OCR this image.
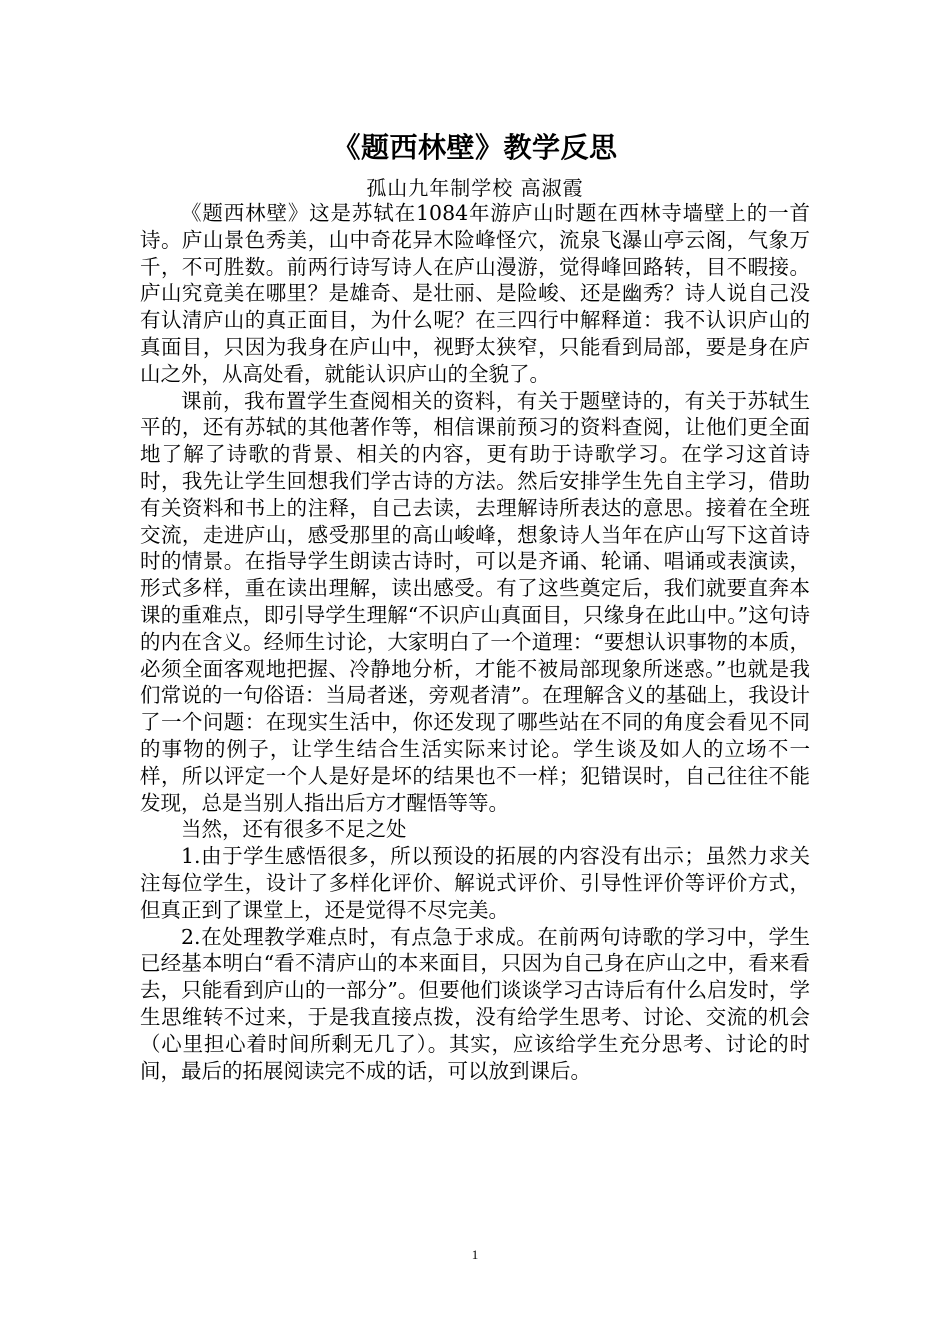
《题西林壁》教学反思
孤山九年制学校 高淑霞

《题西林壁》这是苏轼在1084年游庐山时题在西林寺墙壁上的一首诗。庐山景色秀美，山中奇花异木险峰怪穴，流泉飞瀑山亭云阁，气象万千，不可胜数。前两行诗写诗人在庐山漫游，觉得峰回路转，目不暇接。庐山究竟美在哪里？是雄奇、是壮丽、是险峻、还是幽秀？诗人说自己没有认清庐山的真正面目，为什么呢？在三四行中解释道：我不认识庐山的真面目，只因为我身在庐山中，视野太狭窄，只能看到局部，要是身在庐山之外，从高处看，就能认识庐山的全貌了。

课前，我布置学生查阅相关的资料，有关于题壁诗的，有关于苏轼生平的，还有苏轼的其他著作等，相信课前预习的资料查阅，让他们更全面地了解了诗歌的背景、相关的内容，更有助于诗歌学习。在学习这首诗时，我先让学生回想我们学古诗的方法。然后安排学生先自主学习，借助有关资料和书上的注释，自己去读，去理解诗所表达的意思。接着在全班交流，走进庐山，感受那里的高山峻峰，想象诗人当年在庐山写下这首诗时的情景。在指导学生朗读古诗时，可以是齐诵、轮诵、唱诵或表演读，形式多样，重在读出理解，读出感受。有了这些奠定后，我们就要直奔本课的重难点，即引导学生理解“不识庐山真面目，只缘身在此山中。”这句诗的内在含义。经师生讨论，大家明白了一个道理：“要想认识事物的本质，必须全面客观地把握、冷静地分析，才能不被局部现象所迷惑。”也就是我们常说的一句俗语：当局者迷，旁观者清”。在理解含义的基础上，我设计了一个问题：在现实生活中，你还发现了哪些站在不同的角度会看见不同的事物的例子，让学生结合生活实际来讨论。学生谈及如人的立场不一样，所以评定一个人是好是坏的结果也不一样；犯错误时，自己往往不能发现，总是当别人指出后方才醒悟等等。

当然，还有很多不足之处

1.由于学生感悟很多，所以预设的拓展的内容没有出示；虽然力求关注每位学生，设计了多样化评价、解说式评价、引导性评价等评价方式，但真正到了课堂上，还是觉得不尽完美。

2.在处理教学难点时，有点急于求成。在前两句诗歌的学习中，学生已经基本明白“看不清庐山的本来面目，只因为自己身在庐山之中，看来看去，只能看到庐山的一部分”。但要他们谈谈学习古诗后有什么启发时，学生思维转不过来，于是我直接点拨，没有给学生思考、讨论、交流的机会（心里担心着时间所剩无几了）。其实，应该给学生充分思考、讨论的时间，最后的拓展阅读完不成的话，可以放到课后。

1
